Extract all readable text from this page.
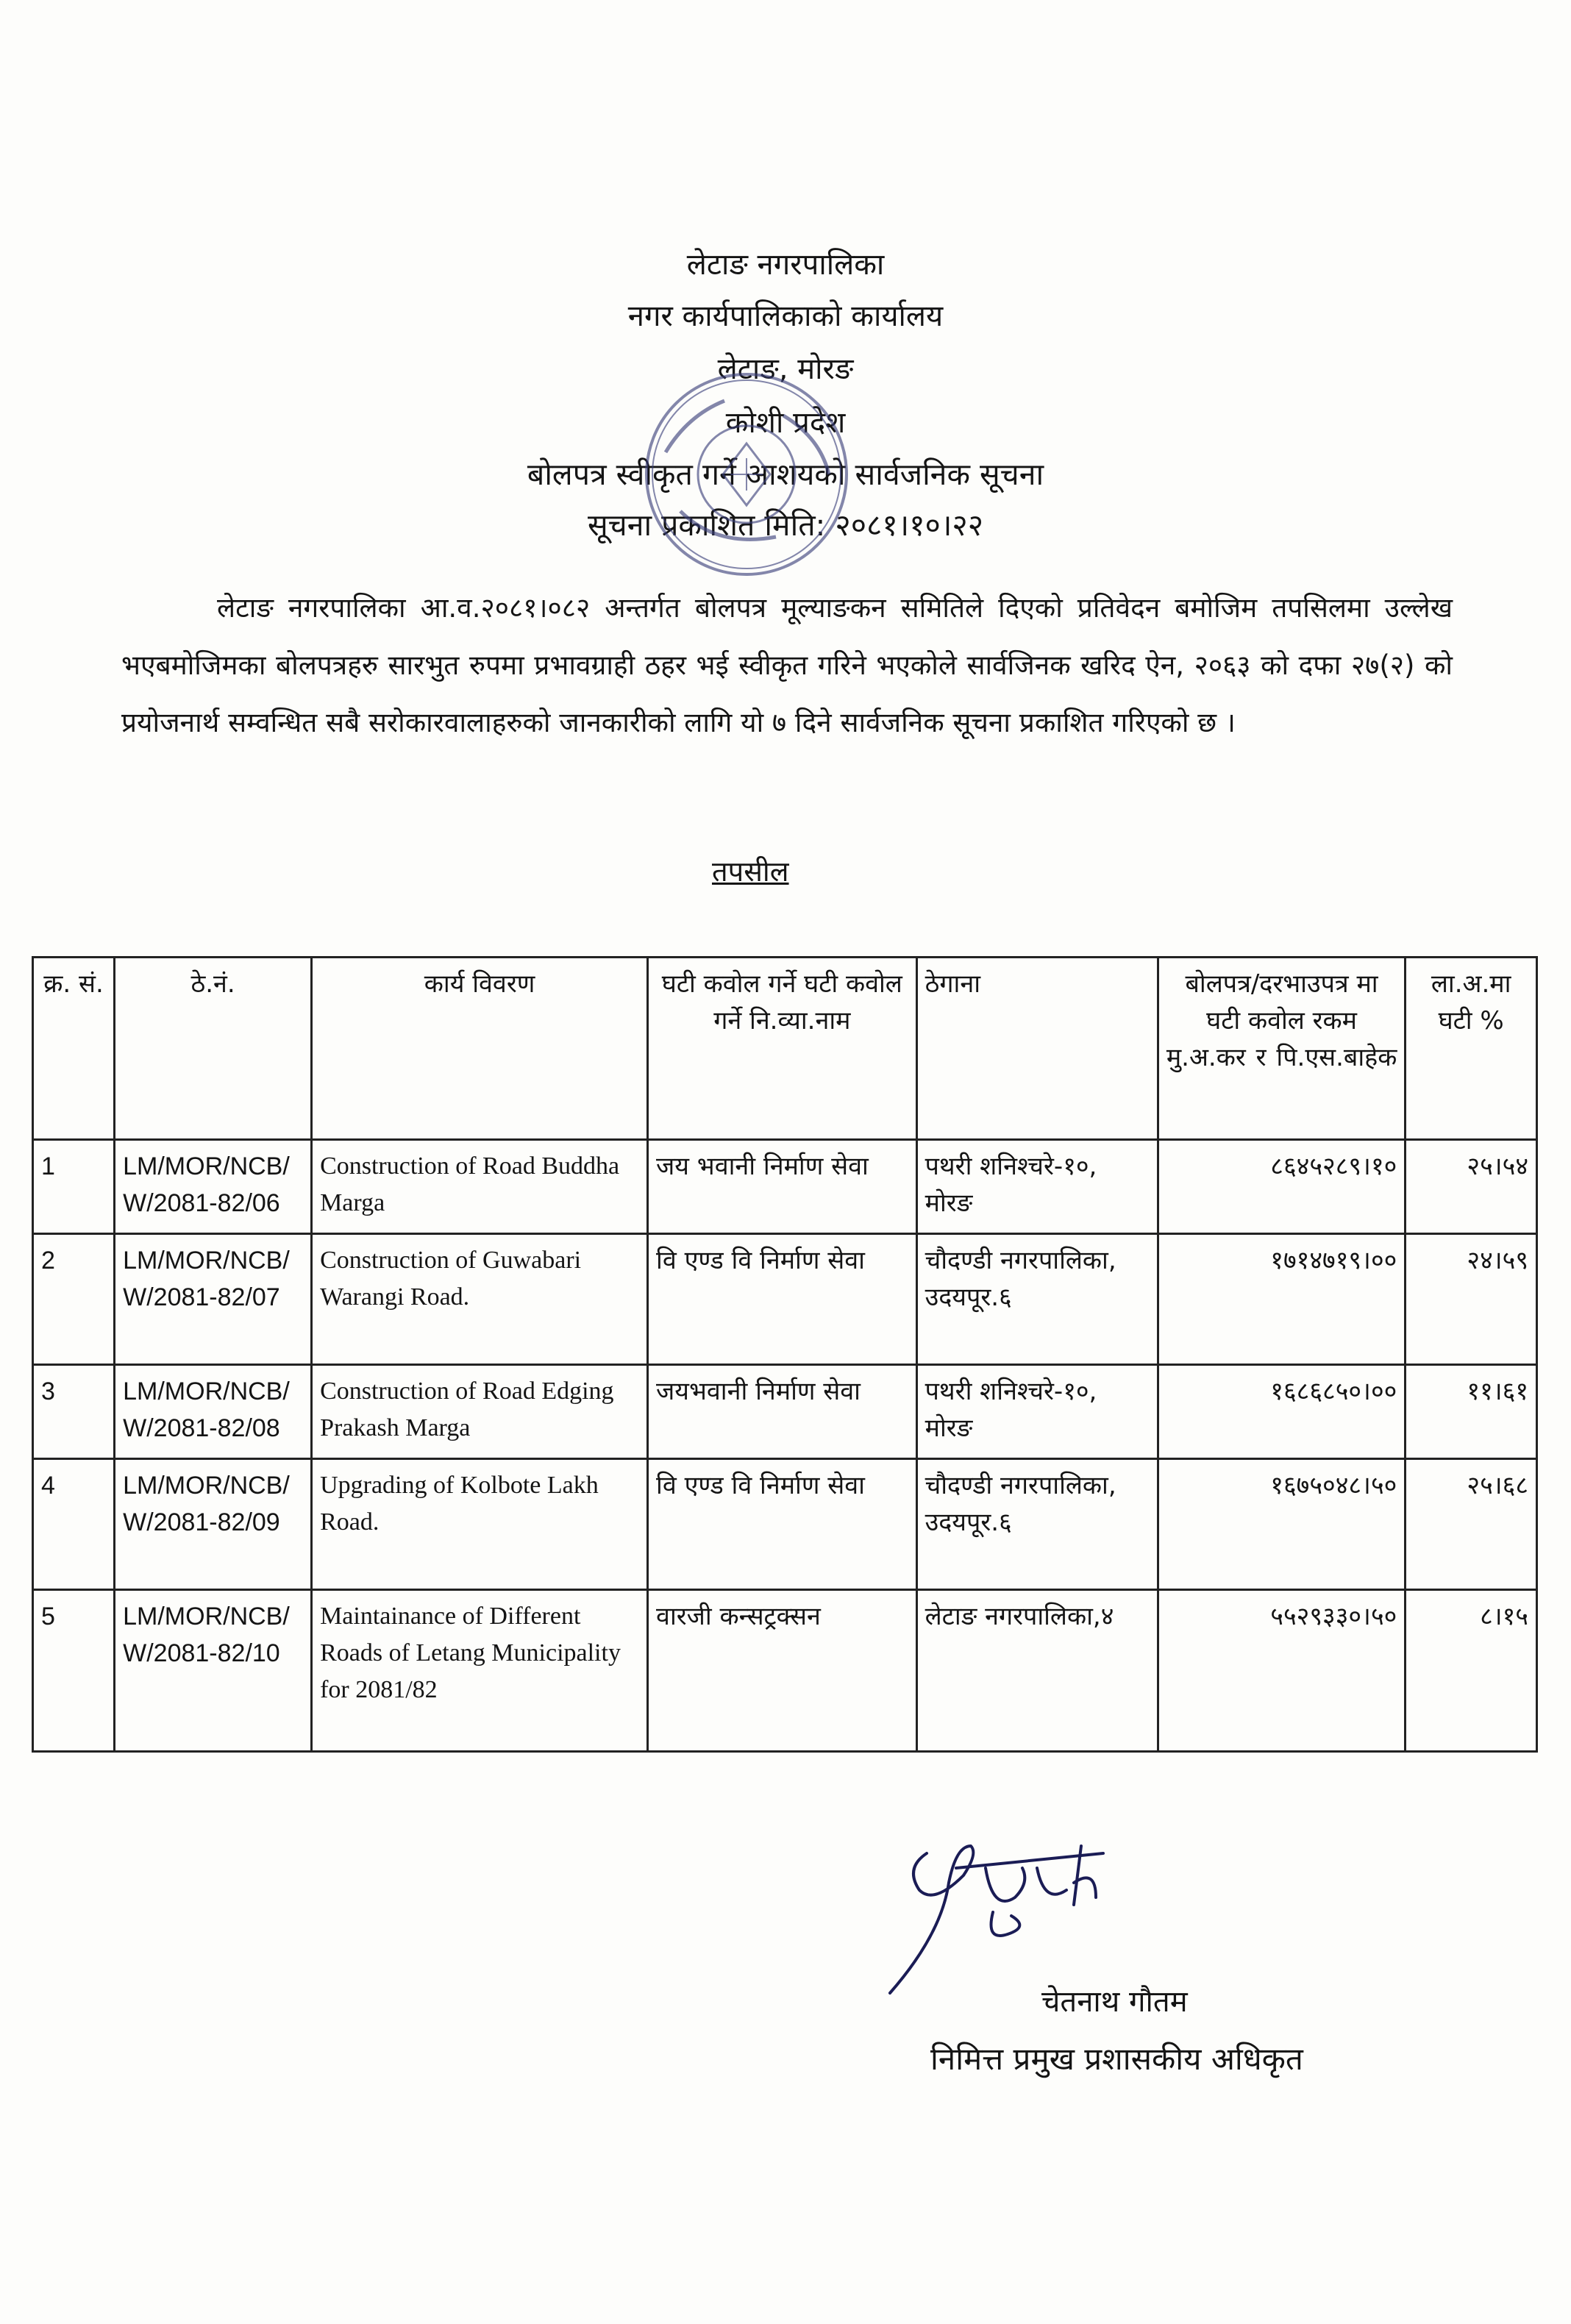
लेटाङ नगरपालिका
नगर कार्यपालिकाको कार्यालय
लेटाङ, मोरङ
कोशी प्रदेश
बोलपत्र स्वीकृत गर्ने आशयको सार्वजनिक सूचना
सूचना प्रकाशित मिति: २०८१।१०।२२
लेटाङ नगरपालिका आ.व.२०८१।०८२ अन्तर्गत बोलपत्र मूल्याङकन समितिले दिएको प्रतिवेदन बमोजिम तपसिलमा उल्लेख भएबमोजिमका बोलपत्रहरु सारभुत रुपमा प्रभावग्राही ठहर भई स्वीकृत गरिने भएकोले सार्वजिनक खरिद ऐन, २०६३ को दफा २७(२) को प्रयोजनार्थ सम्वन्धित सबै सरोकारवालाहरुको जानकारीको लागि यो ७ दिने सार्वजनिक सूचना प्रकाशित गरिएको छ ।
तपसील
क्र. सं.	ठे.नं.	कार्य विवरण	घटी कवोल गर्ने घटी कवोल गर्ने नि.व्या.नाम	ठेगाना	बोलपत्र/दरभाउपत्र मा घटी कवोल रकम मु.अ.कर र पि.एस.बाहेक	ला.अ.मा घटी %
1	LM/MOR/NCB/ W/2081-82/06	Construction of Road Buddha Marga	जय भवानी निर्माण सेवा	पथरी शनिश्चरे-१०, मोरङ	८६४५२८९।१०	२५।५४
2	LM/MOR/NCB/ W/2081-82/07	Construction of Guwabari Warangi Road.	वि एण्ड वि निर्माण सेवा	चौदण्डी नगरपालिका, उदयपूर.६	१७१४७१९।००	२४।५९
3	LM/MOR/NCB/ W/2081-82/08	Construction of Road Edging Prakash Marga	जयभवानी निर्माण सेवा	पथरी शनिश्चरे-१०, मोरङ	१६८६८५०।००	११।६१
4	LM/MOR/NCB/ W/2081-82/09	Upgrading of Kolbote Lakh Road.	वि एण्ड वि निर्माण सेवा	चौदण्डी नगरपालिका, उदयपूर.६	१६७५०४८।५०	२५।६८
5	LM/MOR/NCB/ W/2081-82/10	Maintainance of Different Roads of Letang Municipality for 2081/82	वारजी कन्सट्रक्सन	लेटाङ नगरपालिका,४	५५२९३३०।५०	८।१५
चेतनाथ गौतम
निमित्त प्रमुख प्रशासकीय अधिकृत
